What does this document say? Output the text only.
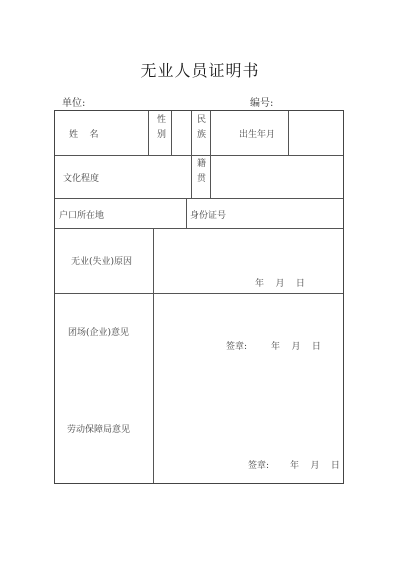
无业人员证明书
单位:	编号:
姓    名	性别	民族	出生年月
文化程度	籍贯
户口所在地	身份证号
无业(失业)原因
年    月    日
团场(企业)意见
签章:	年    月    日
劳动保障局意见
签章: 年    月    日
